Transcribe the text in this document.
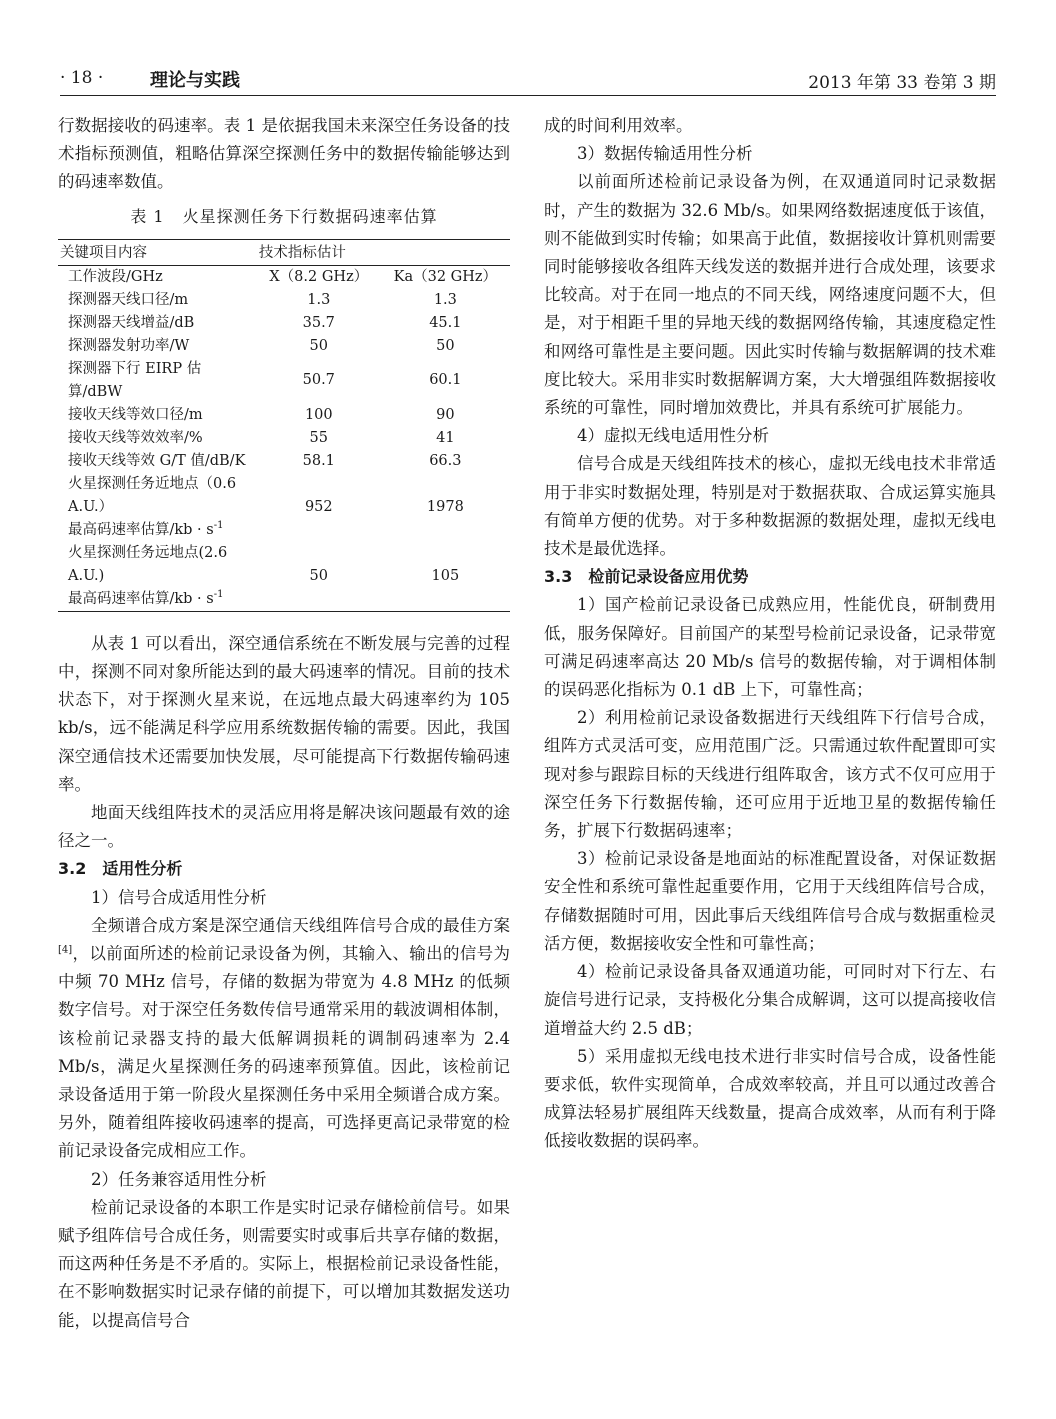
· 18 ·	理论与实践	2013 年第 33 卷第 3 期

行数据接收的码速率。表 1 是依据我国未来深空任务设备的技术指标预测值，粗略估算深空探测任务中的数据传输能够达到的码速率数值。

表 1 火星探测任务下行数据码速率估算
关键项目内容	技术指标估计	
工作波段/GHz	X（8.2 GHz）	Ka（32 GHz）
探测器天线口径/m	1.3	1.3
探测器天线增益/dB	35.7	45.1
探测器发射功率/W	50	50
探测器下行 EIRP 估算/dBW	50.7	60.1
接收天线等效口径/m	100	90
接收天线等效效率/%	55	41
接收天线等效 G/T 值/dB/K	58.1	66.3
火星探测任务近地点（0.6 A.U.）
最高码速率估算$/kb \cdot s^{-1}$	952	1978
火星探测任务远地点(2.6 A.U.)
最高码速率估算$/kb \cdot s^{-1}$	50	105

从表 1 可以看出，深空通信系统在不断发展与完善的过程中，探测不同对象所能达到的最大码速率的情况。目前的技术状态下，对于探测火星来说，在远地点最大码速率约为 105 kb/s，远不能满足科学应用系统数据传输的需要。因此，我国深空通信技术还需要加快发展，尽可能提高下行数据传输码速率。

地面天线组阵技术的灵活应用将是解决该问题最有效的途径之一。

3.2　适用性分析

1）信号合成适用性分析

全频谱合成方案是深空通信天线组阵信号合成的最佳方案[4]，以前面所述的检前记录设备为例，其输入、输出的信号为中频 70 MHz 信号，存储的数据为带宽为 4.8 MHz 的低频数字信号。对于深空任务数传信号通常采用的载波调相体制，该检前记录器支持的最大低解调损耗的调制码速率为 2.4 Mb/s，满足火星探测任务的码速率预算值。因此，该检前记录设备适用于第一阶段火星探测任务中采用全频谱合成方案。另外，随着组阵接收码速率的提高，可选择更高记录带宽的检前记录设备完成相应工作。

2）任务兼容适用性分析

检前记录设备的本职工作是实时记录存储检前信号。如果赋予组阵信号合成任务，则需要实时或事后共享存储的数据，而这两种任务是不矛盾的。实际上，根据检前记录设备性能，在不影响数据实时记录存储的前提下，可以增加其数据发送功能，以提高信号合

成的时间利用效率。

3）数据传输适用性分析

以前面所述检前记录设备为例，在双通道同时记录数据时，产生的数据为 32.6 Mb/s。如果网络数据速度低于该值，则不能做到实时传输；如果高于此值，数据接收计算机则需要同时能够接收各组阵天线发送的数据并进行合成处理，该要求比较高。对于在同一地点的不同天线，网络速度问题不大，但是，对于相距千里的异地天线的数据网络传输，其速度稳定性和网络可靠性是主要问题。因此实时传输与数据解调的技术难度比较大。采用非实时数据解调方案，大大增强组阵数据接收系统的可靠性，同时增加效费比，并具有系统可扩展能力。

4）虚拟无线电适用性分析

信号合成是天线组阵技术的核心，虚拟无线电技术非常适用于非实时数据处理，特别是对于数据获取、合成运算实施具有简单方便的优势。对于多种数据源的数据处理，虚拟无线电技术是最优选择。

3.3　检前记录设备应用优势

1）国产检前记录设备已成熟应用，性能优良，研制费用低，服务保障好。目前国产的某型号检前记录设备，记录带宽可满足码速率高达 20 Mb/s 信号的数据传输，对于调相体制的误码恶化指标为 0.1 dB 上下，可靠性高；

2）利用检前记录设备数据进行天线组阵下行信号合成，组阵方式灵活可变，应用范围广泛。只需通过软件配置即可实现对参与跟踪目标的天线进行组阵取舍，该方式不仅可应用于深空任务下行数据传输，还可应用于近地卫星的数据传输任务，扩展下行数据码速率；

3）检前记录设备是地面站的标准配置设备，对保证数据安全性和系统可靠性起重要作用，它用于天线组阵信号合成，存储数据随时可用，因此事后天线组阵信号合成与数据重检灵活方便，数据接收安全性和可靠性高；

4）检前记录设备具备双通道功能，可同时对下行左、右旋信号进行记录，支持极化分集合成解调，这可以提高接收信道增益大约 2.5 dB；

5）采用虚拟无线电技术进行非实时信号合成，设备性能要求低，软件实现简单，合成效率较高，并且可以通过改善合成算法轻易扩展组阵天线数量，提高合成效率，从而有利于降低接收数据的误码率。
